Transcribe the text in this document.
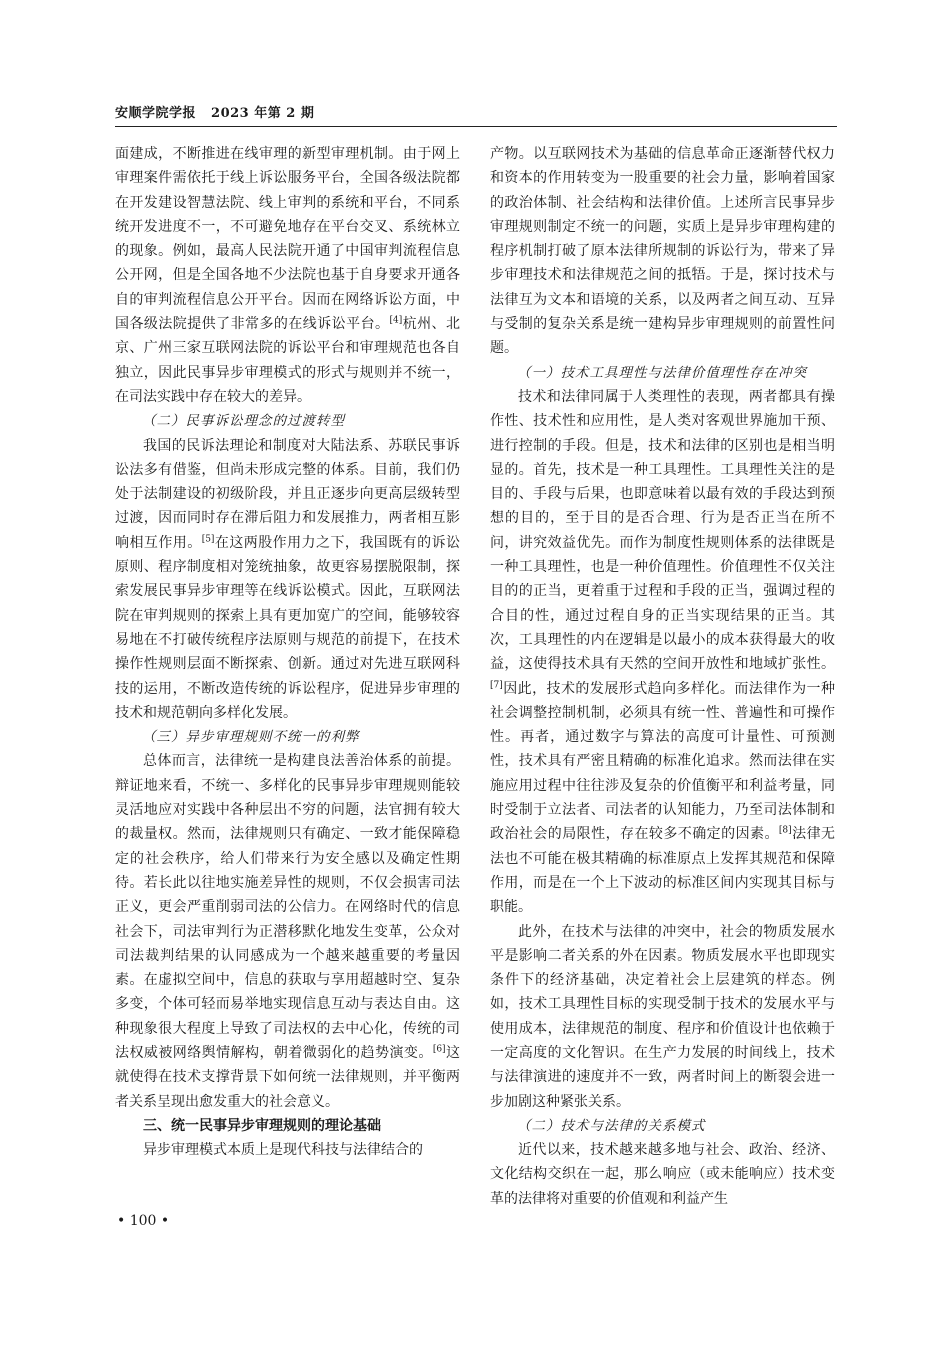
安顺学院学报 2023 年第 2 期

面建成，不断推进在线审理的新型审理机制。由于网上审理案件需依托于线上诉讼服务平台，全国各级法院都在开发建设智慧法院、线上审判的系统和平台，不同系统开发进度不一，不可避免地存在平台交叉、系统林立的现象。例如，最高人民法院开通了中国审判流程信息公开网，但是全国各地不少法院也基于自身要求开通各自的审判流程信息公开平台。因而在网络诉讼方面，中国各级法院提供了非常多的在线诉讼平台。[4]杭州、北京、广州三家互联网法院的诉讼平台和审理规范也各自独立，因此民事异步审理模式的形式与规则并不统一，在司法实践中存在较大的差异。

（二）民事诉讼理念的过渡转型

我国的民诉法理论和制度对大陆法系、苏联民事诉讼法多有借鉴，但尚未形成完整的体系。目前，我们仍处于法制建设的初级阶段，并且正逐步向更高层级转型过渡，因而同时存在滞后阻力和发展推力，两者相互影响相互作用。[5]在这两股作用力之下，我国既有的诉讼原则、程序制度相对笼统抽象，故更容易摆脱限制，探索发展民事异步审理等在线诉讼模式。因此，互联网法院在审判规则的探索上具有更加宽广的空间，能够较容易地在不打破传统程序法原则与规范的前提下，在技术操作性规则层面不断探索、创新。通过对先进互联网科技的运用，不断改造传统的诉讼程序，促进异步审理的技术和规范朝向多样化发展。

（三）异步审理规则不统一的利弊

总体而言，法律统一是构建良法善治体系的前提。辩证地来看，不统一、多样化的民事异步审理规则能较灵活地应对实践中各种层出不穷的问题，法官拥有较大的裁量权。然而，法律规则只有确定、一致才能保障稳定的社会秩序，给人们带来行为安全感以及确定性期待。若长此以往地实施差异性的规则，不仅会损害司法正义，更会严重削弱司法的公信力。在网络时代的信息社会下，司法审判行为正潜移默化地发生变革，公众对司法裁判结果的认同感成为一个越来越重要的考量因素。在虚拟空间中，信息的获取与享用超越时空、复杂多变，个体可轻而易举地实现信息互动与表达自由。这种现象很大程度上导致了司法权的去中心化，传统的司法权威被网络舆情解构，朝着微弱化的趋势演变。[6]这就使得在技术支撑背景下如何统一法律规则，并平衡两者关系呈现出愈发重大的社会意义。

三、统一民事异步审理规则的理论基础

异步审理模式本质上是现代科技与法律结合的

产物。以互联网技术为基础的信息革命正逐渐替代权力和资本的作用转变为一股重要的社会力量，影响着国家的政治体制、社会结构和法律价值。上述所言民事异步审理规则制定不统一的问题，实质上是异步审理构建的程序机制打破了原本法律所规制的诉讼行为，带来了异步审理技术和法律规范之间的抵牾。于是，探讨技术与法律互为文本和语境的关系，以及两者之间互动、互异与受制的复杂关系是统一建构异步审理规则的前置性问题。

（一）技术工具理性与法律价值理性存在冲突

技术和法律同属于人类理性的表现，两者都具有操作性、技术性和应用性，是人类对客观世界施加干预、进行控制的手段。但是，技术和法律的区别也是相当明显的。首先，技术是一种工具理性。工具理性关注的是目的、手段与后果，也即意味着以最有效的手段达到预想的目的，至于目的是否合理、行为是否正当在所不问，讲究效益优先。而作为制度性规则体系的法律既是一种工具理性，也是一种价值理性。价值理性不仅关注目的的正当，更着重于过程和手段的正当，强调过程的合目的性，通过过程自身的正当实现结果的正当。其次，工具理性的内在逻辑是以最小的成本获得最大的收益，这使得技术具有天然的空间开放性和地域扩张性。[7]因此，技术的发展形式趋向多样化。而法律作为一种社会调整控制机制，必须具有统一性、普遍性和可操作性。再者，通过数字与算法的高度可计量性、可预测性，技术具有严密且精确的标准化追求。然而法律在实施应用过程中往往涉及复杂的价值衡平和利益考量，同时受制于立法者、司法者的认知能力，乃至司法体制和政治社会的局限性，存在较多不确定的因素。[8]法律无法也不可能在极其精确的标准原点上发挥其规范和保障作用，而是在一个上下波动的标准区间内实现其目标与职能。

此外，在技术与法律的冲突中，社会的物质发展水平是影响二者关系的外在因素。物质发展水平也即现实条件下的经济基础，决定着社会上层建筑的样态。例如，技术工具理性目标的实现受制于技术的发展水平与使用成本，法律规范的制度、程序和价值设计也依赖于一定高度的文化智识。在生产力发展的时间线上，技术与法律演进的速度并不一致，两者时间上的断裂会进一步加剧这种紧张关系。

（二）技术与法律的关系模式

近代以来，技术越来越多地与社会、政治、经济、文化结构交织在一起，那么响应（或未能响应）技术变革的法律将对重要的价值观和利益产生

• 100 •
